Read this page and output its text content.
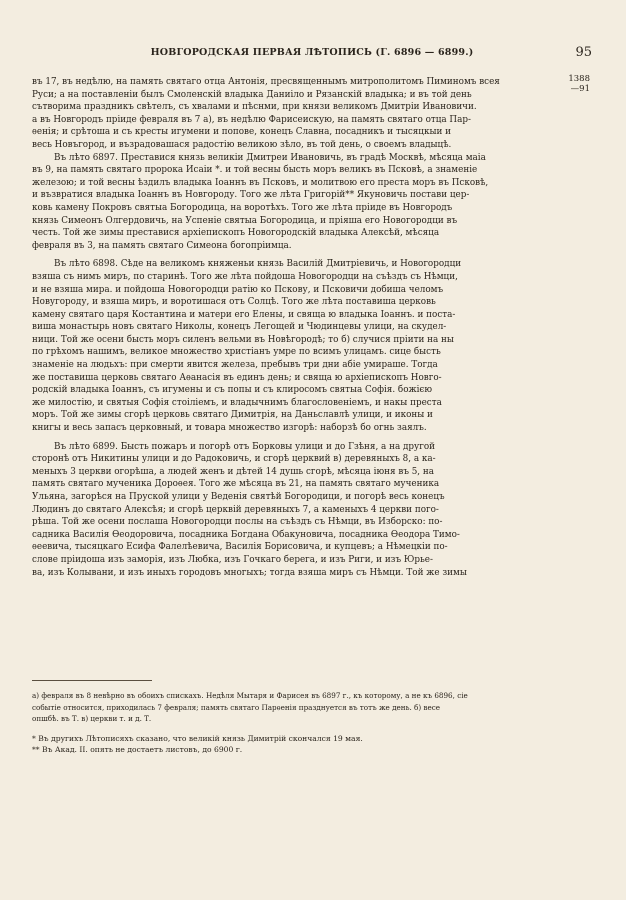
НОВГОРОДСКАЯ ПЕРВАЯ ЛѢТОПИСЬ (Г. 6896 — 6899.)	95
1388
—91
въ 17, въ недѣлю, на память святаго отца Антонія, пресвященнымъ митрополитомъ Пиминомъ всея
Руси; а на поставленіи былъ Смоленскій владыка Даниіло и Рязанскій владыка; и въ той день
сътворима праздникъ свѣтелъ, съ хвалами и пѣснми, при князи великомъ Дмитріи Ивановичи.
а въ Новгородъ пріиде февраля въ 7 а), въ недѣлю Фарисеискую, на память святаго отца Пар-
ѳенія; и срѣтоша и съ кресты игумени и попове, конецъ Славна, посадникъ и тысяцкыи и
весь Новъгород, и възрадовашася радостію великою зѣло, въ той день, о своемъ владыцѣ.
Въ лѣто 6897. Преставися князь великіи Дмитреи Ивановичь, въ градѣ Москвѣ, мѣсяца маіа
въ 9, на память святаго пророка Исаіи *. и той весны бысть моръ великъ въ Псковѣ, а знаменіе
железою; и той весны ѣздилъ владыка Іоаннъ въ Псковъ, и молитвою его преста моръ въ Псковѣ,
и възвратися владыка Іоаннъ въ Новгороду. Того же лѣта Григорій** Якуновичь постави цер-
ковь камену Покровъ святыа Богородица, на воротѣхъ. Того же лѣта пріиде въ Новгородъ
князь Симеонъ Олгердовичь, на Успеніе святыа Богородица, и пріяша его Новогородци въ
честь. Той же зимы преставися архіепископъ Новогородскій владыка Алексѣй, мѣсяца
февраля въ 3, на память святаго Симеона богопріимца.
Въ лѣто 6898. Сѣде на великомъ княженьи князь Василій Дмитріевичь, и Новогородци
взяша съ нимъ миръ, по старинѣ. Того же лѣта пойдоша Новогородци на съѣздъ съ Нѣмци,
и не взяша мира. и пойдоша Новогородци ратію ко Пскову, и Псковичи добиша челомъ
Новугороду, и взяша миръ, и воротишася отъ Солцѣ. Того же лѣта поставиша церковь
камену святаго царя Костантина и матери его Елены, и свяща ю владыка Іоаннъ. и поста-
виша монастырь новъ святаго Николы, конецъ Легощей и Чюдинцевы улици, на скудел-
ници. Той же осени бысть моръ силенъ вельми въ Новѣгородѣ; то б) случися пріити на ны
по грѣхомъ нашимъ, великое множество христіанъ умре по всимъ улицамъ. сице бысть
знаменіе на людьхъ: при смерти явится железа, пребывъ три дни абіе умираше. Тогда
же поставиша церковь святаго Аѳанасія въ единъ день; и свяща ю архіепископъ Новго-
родскій владыка Іоаннъ, съ игумены и съ попы и съ клиросомъ святыа Софія. божією
же милостію, и святыя Софія стоіліемъ, и владычнимъ благословеніемъ, и накы преста
моръ. Той же зимы сгорѣ церковь святаго Димитрія, на Даньславлѣ улици, и иконы и
книгы и весь запасъ церковный, и товара множество изгорѣ: наборзѣ бо огнь заялъ.
Въ лѣто 6899. Бысть пожаръ и погорѣ отъ Борковы улици и до Гзѣня, а на другой
сторонѣ отъ Никитины улици и до Радоковичь, и сгорѣ церквий в) деревяныхъ 8, а ка-
меныхъ 3 церкви огорѣша, а людей женъ и дѣтей 14 душь сгорѣ, мѣсяца іюня въ 5, на
память святаго мученика Дороѳея. Того же мѣсяца въ 21, на память святаго мученика
Ульяна, загорѣся на Пруской улици у Веденія святѣй Богородици, и погорѣ весь конецъ
Людинъ до святаго Алексѣя; и сгорѣ церквій деревяныхъ 7, а каменыхъ 4 церкви пого-
рѣша. Той же осени послаша Новогородци послы на съѣздъ съ Нѣмци, въ Изборско: по-
садника Василія Ѳеодоровича, посадника Богдана Обакуновича, посадника Ѳеодора Тимо-
ѳеевича, тысяцкаго Есифа Фалелѣевича, Василія Борисовича, и купцевъ; а Нѣмецкіи по-
слове пріидоша изъ заморія, изъ Любка, изъ Гочкаго берега, и изъ Риги, и изъ Юрье-
ва, изъ Колывани, и изъ иныхъ городовъ многыхъ; тогда взяша миръ съ Нѣмци. Той же зимы
а) февраля въ 8 невѣрно въ обоихъ спискахъ. Недѣля Мытаря и Фарисея въ 6897 г., къ которому, а не къ 6896, сіе
событіе относится, приходилась 7 февраля; память святаго Парѳенія празднуется въ тотъ же день. б) весе
опшбѣ. въ Т. в) церкви т. и д. Т.
* Въ другихъ Лѣтописяхъ сказано, что великій князь Димитрій скончался 19 мая.
** Въ Акад. II. опять не достаетъ листовъ, до 6900 г.
